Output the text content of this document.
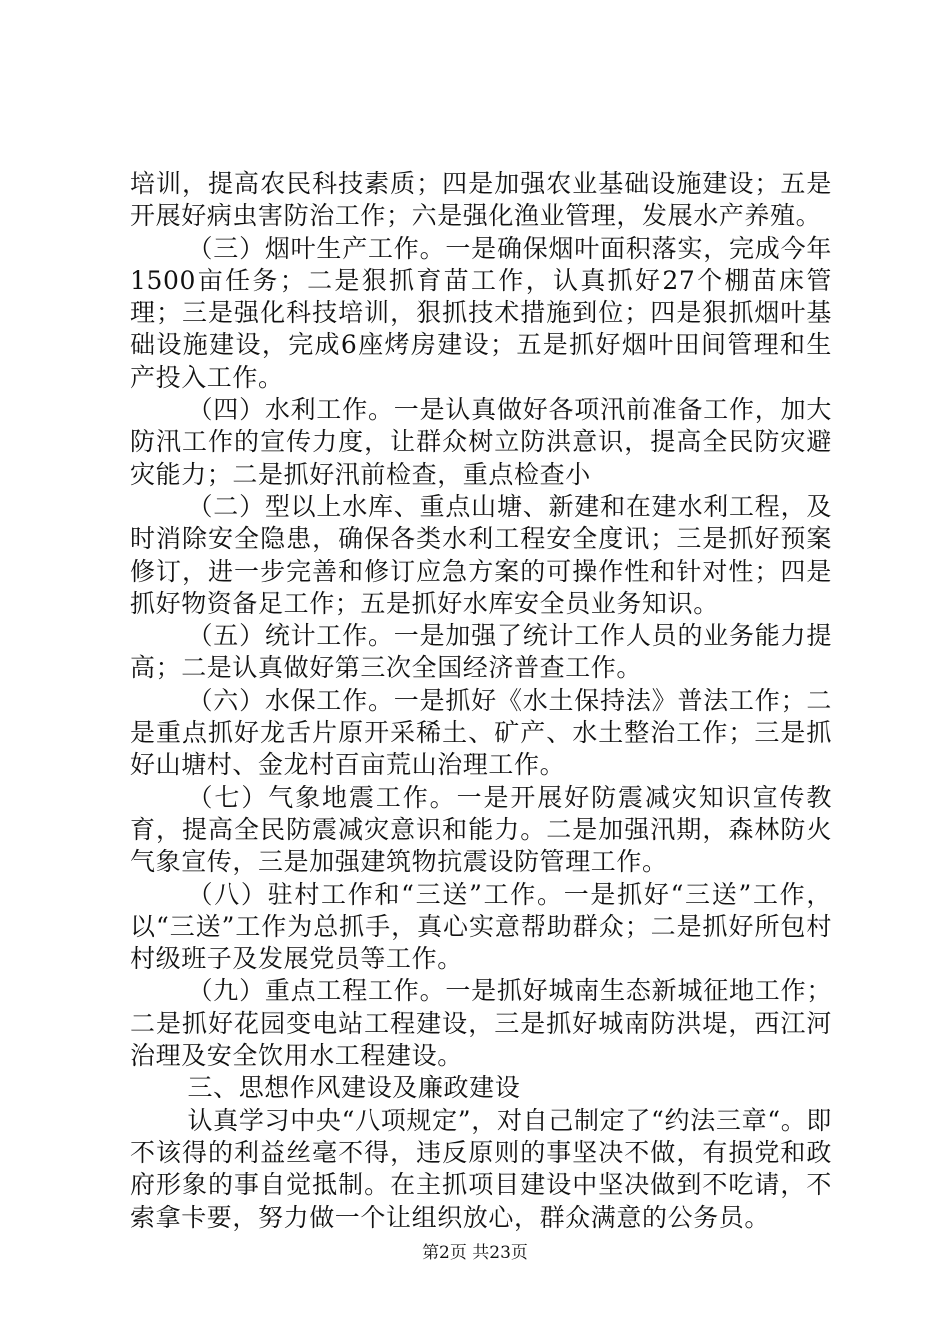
培训，提高农民科技素质；四是加强农业基础设施建设；五是开展好病虫害防治工作；六是强化渔业管理，发展水产养殖。

（三）烟叶生产工作。一是确保烟叶面积落实，完成今年1500亩任务；二是狠抓育苗工作，认真抓好27个棚苗床管理；三是强化科技培训，狠抓技术措施到位；四是狠抓烟叶基础设施建设，完成6座烤房建设；五是抓好烟叶田间管理和生产投入工作。

（四）水利工作。一是认真做好各项汛前准备工作，加大防汛工作的宣传力度，让群众树立防洪意识，提高全民防灾避灾能力；二是抓好汛前检查，重点检查小

（二）型以上水库、重点山塘、新建和在建水利工程，及时消除安全隐患，确保各类水利工程安全度讯；三是抓好预案修订，进一步完善和修订应急方案的可操作性和针对性；四是抓好物资备足工作；五是抓好水库安全员业务知识。

（五）统计工作。一是加强了统计工作人员的业务能力提高；二是认真做好第三次全国经济普查工作。

（六）水保工作。一是抓好《水土保持法》普法工作；二是重点抓好龙舌片原开采稀土、矿产、水土整治工作；三是抓好山塘村、金龙村百亩荒山治理工作。

（七）气象地震工作。一是开展好防震减灾知识宣传教育，提高全民防震减灾意识和能力。二是加强汛期，森林防火气象宣传，三是加强建筑物抗震设防管理工作。

（八）驻村工作和“三送”工作。一是抓好“三送”工作，以“三送”工作为总抓手，真心实意帮助群众；二是抓好所包村村级班子及发展党员等工作。

（九）重点工程工作。一是抓好城南生态新城征地工作；二是抓好花园变电站工程建设，三是抓好城南防洪堤，西江河治理及安全饮用水工程建设。

三、思想作风建设及廉政建设

认真学习中央“八项规定”，对自己制定了“约法三章“。即不该得的利益丝毫不得，违反原则的事坚决不做，有损党和政府形象的事自觉抵制。在主抓项目建设中坚决做到不吃请，不索拿卡要，努力做一个让组织放心，群众满意的公务员。

第2页 共23页
